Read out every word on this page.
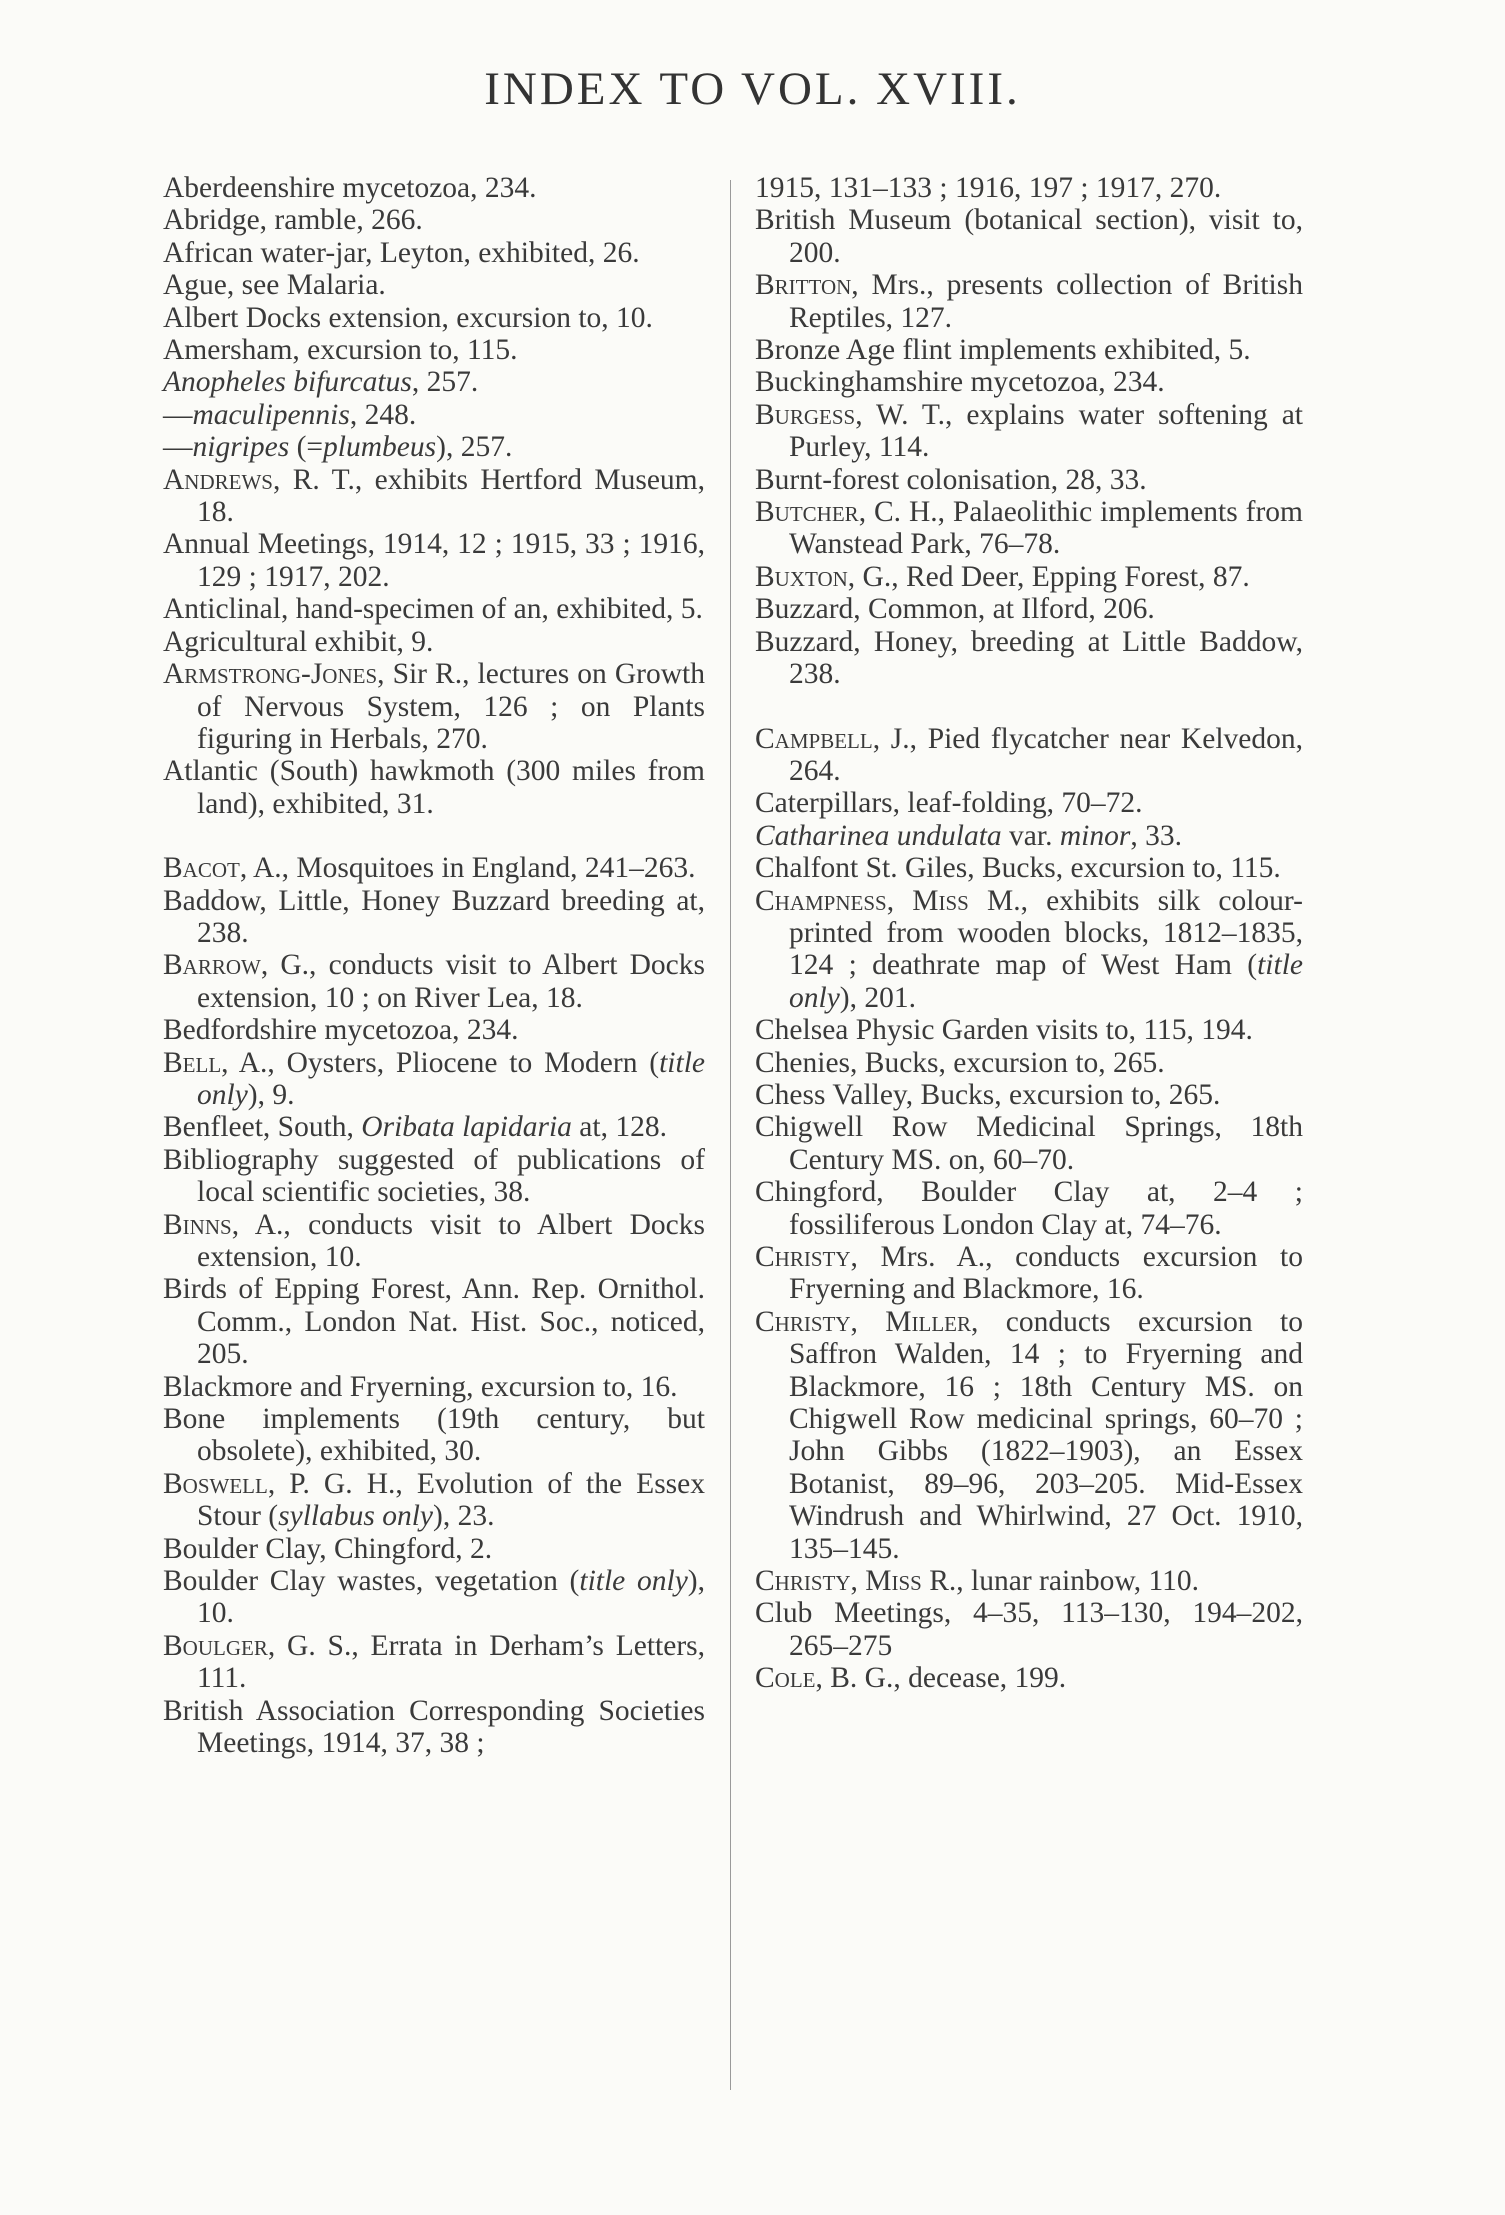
INDEX TO VOL. XVIII.
Aberdeenshire mycetozoa, 234.
Abridge, ramble, 266.
African water-jar, Leyton, exhibited, 26.
Ague, see Malaria.
Albert Docks extension, excursion to, 10.
Amersham, excursion to, 115.
Anopheles bifurcatus, 257.
—maculipennis, 248.
—nigripes (=plumbeus), 257.
Andrews, R. T., exhibits Hertford Museum, 18.
Annual Meetings, 1914, 12 ; 1915, 33 ; 1916, 129 ; 1917, 202.
Anticlinal, hand-specimen of an, exhibited, 5.
Agricultural exhibit, 9.
Armstrong-Jones, Sir R., lectures on Growth of Nervous System, 126 ; on Plants figuring in Herbals, 270.
Atlantic (South) hawkmoth (300 miles from land), exhibited, 31.
Bacot, A., Mosquitoes in England, 241–263.
Baddow, Little, Honey Buzzard breeding at, 238.
Barrow, G., conducts visit to Albert Docks extension, 10 ; on River Lea, 18.
Bedfordshire mycetozoa, 234.
Bell, A., Oysters, Pliocene to Modern (title only), 9.
Benfleet, South, Oribata lapidaria at, 128.
Bibliography suggested of publications of local scientific societies, 38.
Binns, A., conducts visit to Albert Docks extension, 10.
Birds of Epping Forest, Ann. Rep. Ornithol. Comm., London Nat. Hist. Soc., noticed, 205.
Blackmore and Fryerning, excursion to, 16.
Bone implements (19th century, but obsolete), exhibited, 30.
Boswell, P. G. H., Evolution of the Essex Stour (syllabus only), 23.
Boulder Clay, Chingford, 2.
Boulder Clay wastes, vegetation (title only), 10.
Boulger, G. S., Errata in Derham’s Letters, 111.
British Association Corresponding Societies Meetings, 1914, 37, 38 ;
1915, 131–133 ; 1916, 197 ; 1917, 270.
British Museum (botanical section), visit to, 200.
Britton, Mrs., presents collection of British Reptiles, 127.
Bronze Age flint implements exhibited, 5.
Buckinghamshire mycetozoa, 234.
Burgess, W. T., explains water softening at Purley, 114.
Burnt-forest colonisation, 28, 33.
Butcher, C. H., Palaeolithic implements from Wanstead Park, 76–78.
Buxton, G., Red Deer, Epping Forest, 87.
Buzzard, Common, at Ilford, 206.
Buzzard, Honey, breeding at Little Baddow, 238.
Campbell, J., Pied flycatcher near Kelvedon, 264.
Caterpillars, leaf-folding, 70–72.
Catharinea undulata var. minor, 33.
Chalfont St. Giles, Bucks, excursion to, 115.
Champness, Miss M., exhibits silk colour-printed from wooden blocks, 1812–1835, 124 ; deathrate map of West Ham (title only), 201.
Chelsea Physic Garden visits to, 115, 194.
Chenies, Bucks, excursion to, 265.
Chess Valley, Bucks, excursion to, 265.
Chigwell Row Medicinal Springs, 18th Century MS. on, 60–70.
Chingford, Boulder Clay at, 2–4 ; fossiliferous London Clay at, 74–76.
Christy, Mrs. A., conducts excursion to Fryerning and Blackmore, 16.
Christy, Miller, conducts excursion to Saffron Walden, 14 ; to Fryerning and Blackmore, 16 ; 18th Century MS. on Chigwell Row medicinal springs, 60–70 ; John Gibbs (1822–1903), an Essex Botanist, 89–96, 203–205. Mid-Essex Windrush and Whirlwind, 27 Oct. 1910, 135–145.
Christy, Miss R., lunar rainbow, 110.
Club Meetings, 4–35, 113–130, 194–202, 265–275
Cole, B. G., decease, 199.
